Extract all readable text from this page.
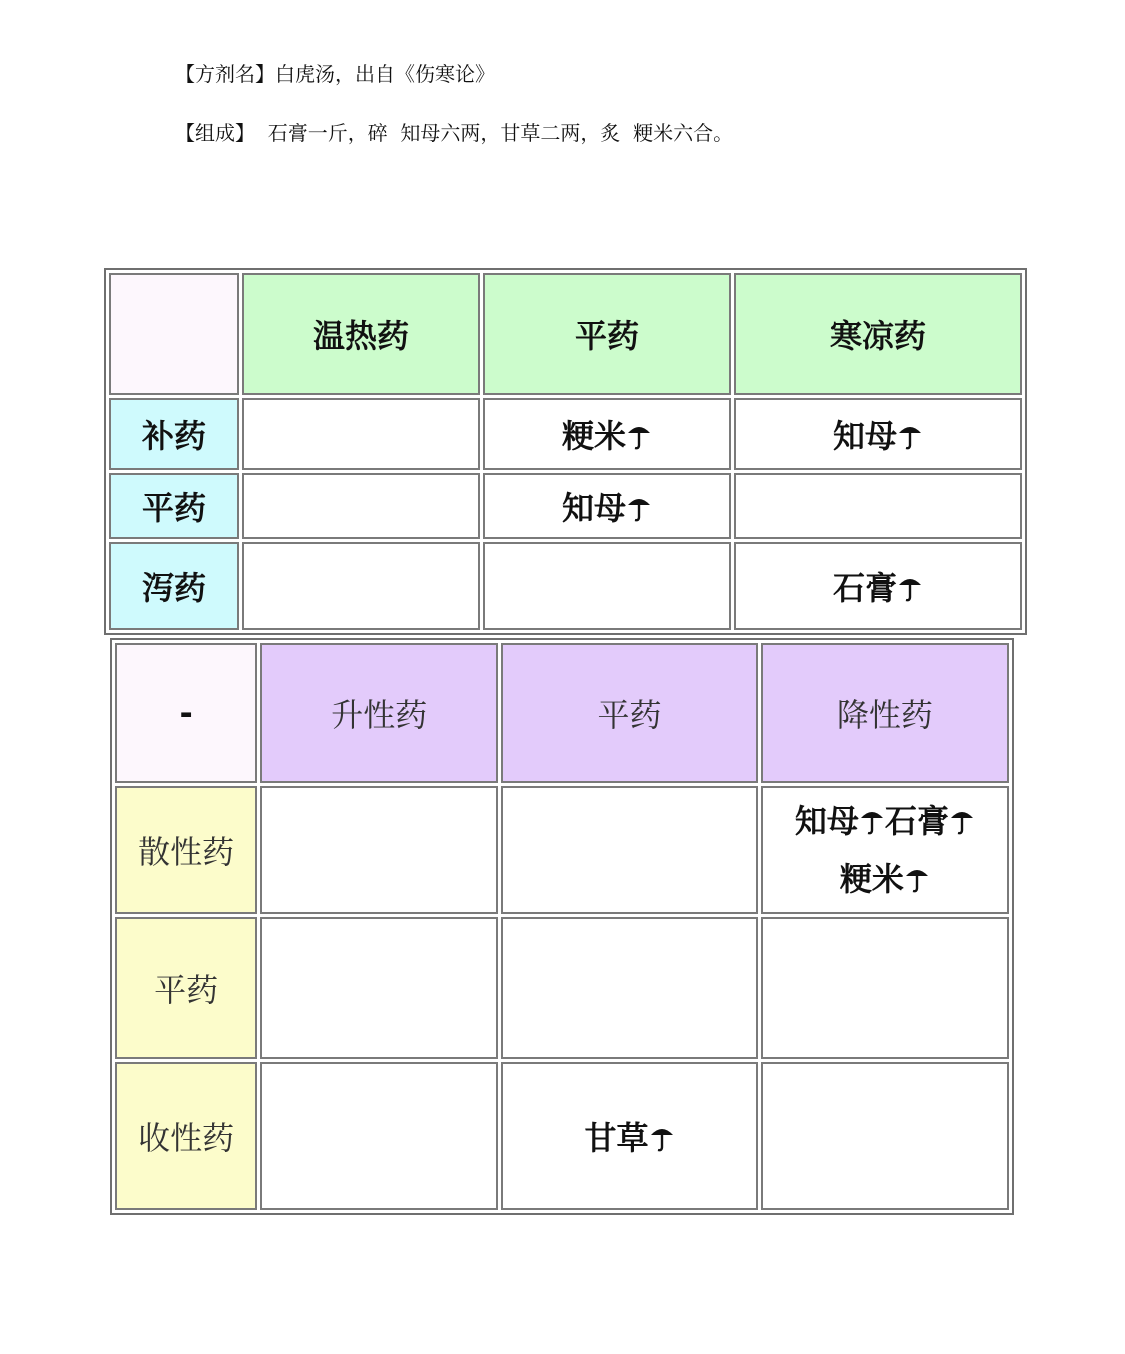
【方剂名】白虎汤，出自《伤寒论》
【组成】  石膏一斤，碎  知母六两，甘草二两，炙  粳米六合。
	温热药	平药	寒凉药
补药		粳米	知母
平药		知母	
泻药			石膏
-	升性药	平药	降性药
散性药			知母 石膏
粳米
平药			
收性药		甘草	
